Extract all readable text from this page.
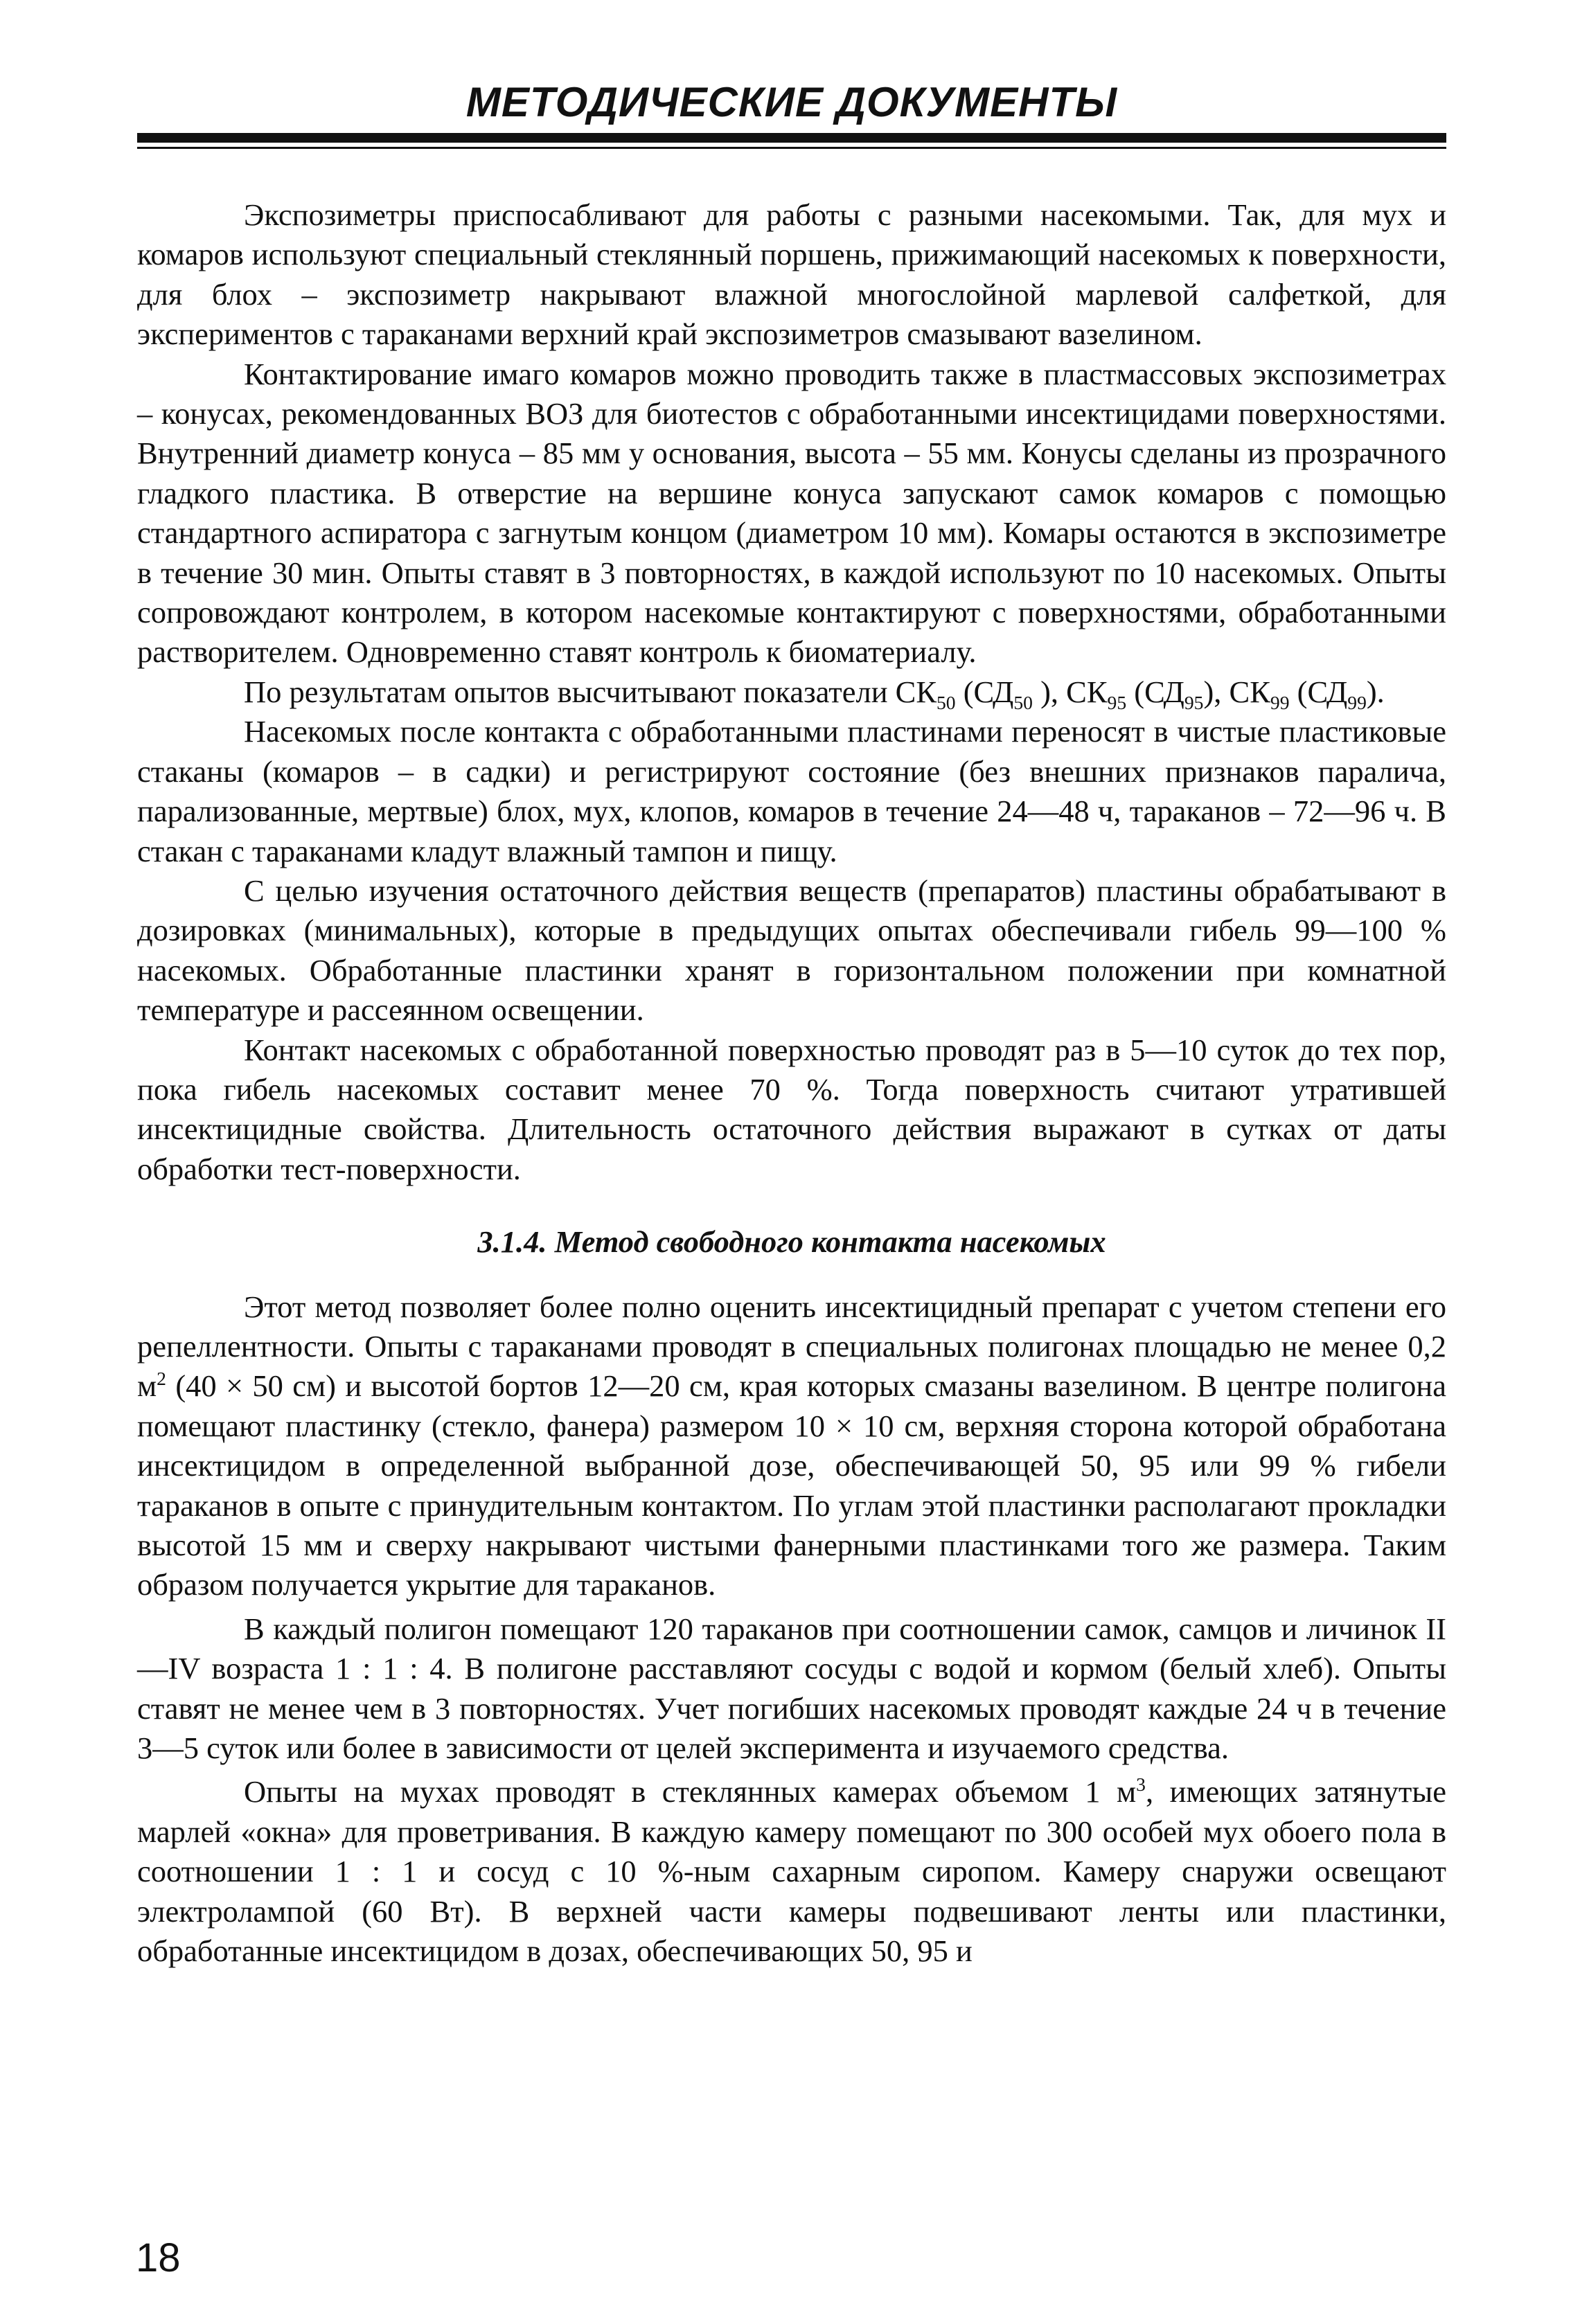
МЕТОДИЧЕСКИЕ ДОКУМЕНТЫ

Экспозиметры приспосабливают для работы с разными насекомыми. Так, для мух и комаров используют специальный стеклянный поршень, прижимающий насекомых к поверхности, для блох – экспозиметр накрывают влажной многослойной марлевой салфеткой, для экспериментов с тараканами верхний край экспозиметров смазывают вазелином.

Контактирование имаго комаров можно проводить также в пластмассовых экспозиметрах – конусах, рекомендованных ВОЗ для биотестов с обработанными инсектицидами поверхностями. Внутренний диаметр конуса – 85 мм у основания, высота – 55 мм. Конусы сделаны из прозрачного гладкого пластика. В отверстие на вершине конуса запускают самок комаров с помощью стандартного аспиратора с загнутым концом (диаметром 10 мм). Комары остаются в экспозиметре в течение 30 мин. Опыты ставят в 3 повторностях, в каждой используют по 10 насекомых. Опыты сопровождают контролем, в котором насекомые контактируют с поверхностями, обработанными растворителем. Одновременно ставят контроль к биоматериалу.

По результатам опытов высчитывают показатели $СК_{50}$ ($СД_{50}$ ), $СК_{95}$ $(СД_{95})$, $СК_{99}$ $(СД_{99})$.

Насекомых после контакта с обработанными пластинами переносят в чистые пластиковые стаканы (комаров – в садки) и регистрируют состояние (без внешних признаков паралича, парализованные, мертвые) блох, мух, клопов, комаров в течение 24—48 ч, тараканов – 72—96 ч. В стакан с тараканами кладут влажный тампон и пищу.

С целью изучения остаточного действия веществ (препаратов) пластины обрабатывают в дозировках (минимальных), которые в предыдущих опытах обеспечивали гибель 99—100 % насекомых. Обработанные пластинки хранят в горизонтальном положении при комнатной температуре и рассеянном освещении.

Контакт насекомых с обработанной поверхностью проводят раз в 5—10 суток до тех пор, пока гибель насекомых составит менее 70 %. Тогда поверхность считают утратившей инсектицидные свойства. Длительность остаточного действия выражают в сутках от даты обработки тест-поверхности.

3.1.4. Метод свободного контакта насекомых

Этот метод позволяет более полно оценить инсектицидный препарат с учетом степени его репеллентности. Опыты с тараканами проводят в специальных полигонах площадью не менее 0,2 $м^2$ (40 × 50 см) и высотой бортов 12—20 см, края которых смазаны вазелином. В центре полигона помещают пластинку (стекло, фанера) размером 10 × 10 см, верхняя сторона которой обработана инсектицидом в определенной выбранной дозе, обеспечивающей 50, 95 или 99 % гибели тараканов в опыте с принудительным контактом. По углам этой пластинки располагают прокладки высотой 15 мм и сверху накрывают чистыми фанерными пластинками того же размера. Таким образом получается укрытие для тараканов.

В каждый полигон помещают 120 тараканов при соотношении самок, самцов и личинок II—IV возраста 1 : 1 : 4. В полигоне расставляют сосуды с водой и кормом (белый хлеб). Опыты ставят не менее чем в 3 повторностях. Учет погибших насекомых проводят каждые 24 ч в течение 3—5 суток или более в зависимости от целей эксперимента и изучаемого средства.

Опыты на мухах проводят в стеклянных камерах объемом 1 $м^3$, имеющих затянутые марлей «окна» для проветривания. В каждую камеру помещают по 300 особей мух обоего пола в соотношении 1 : 1 и сосуд с 10 %-ным сахарным сиропом. Камеру снаружи освещают электролампой (60 Вт). В верхней части камеры подвешивают ленты или пластинки, обработанные инсектицидом в дозах, обеспечивающих 50, 95 и

18
